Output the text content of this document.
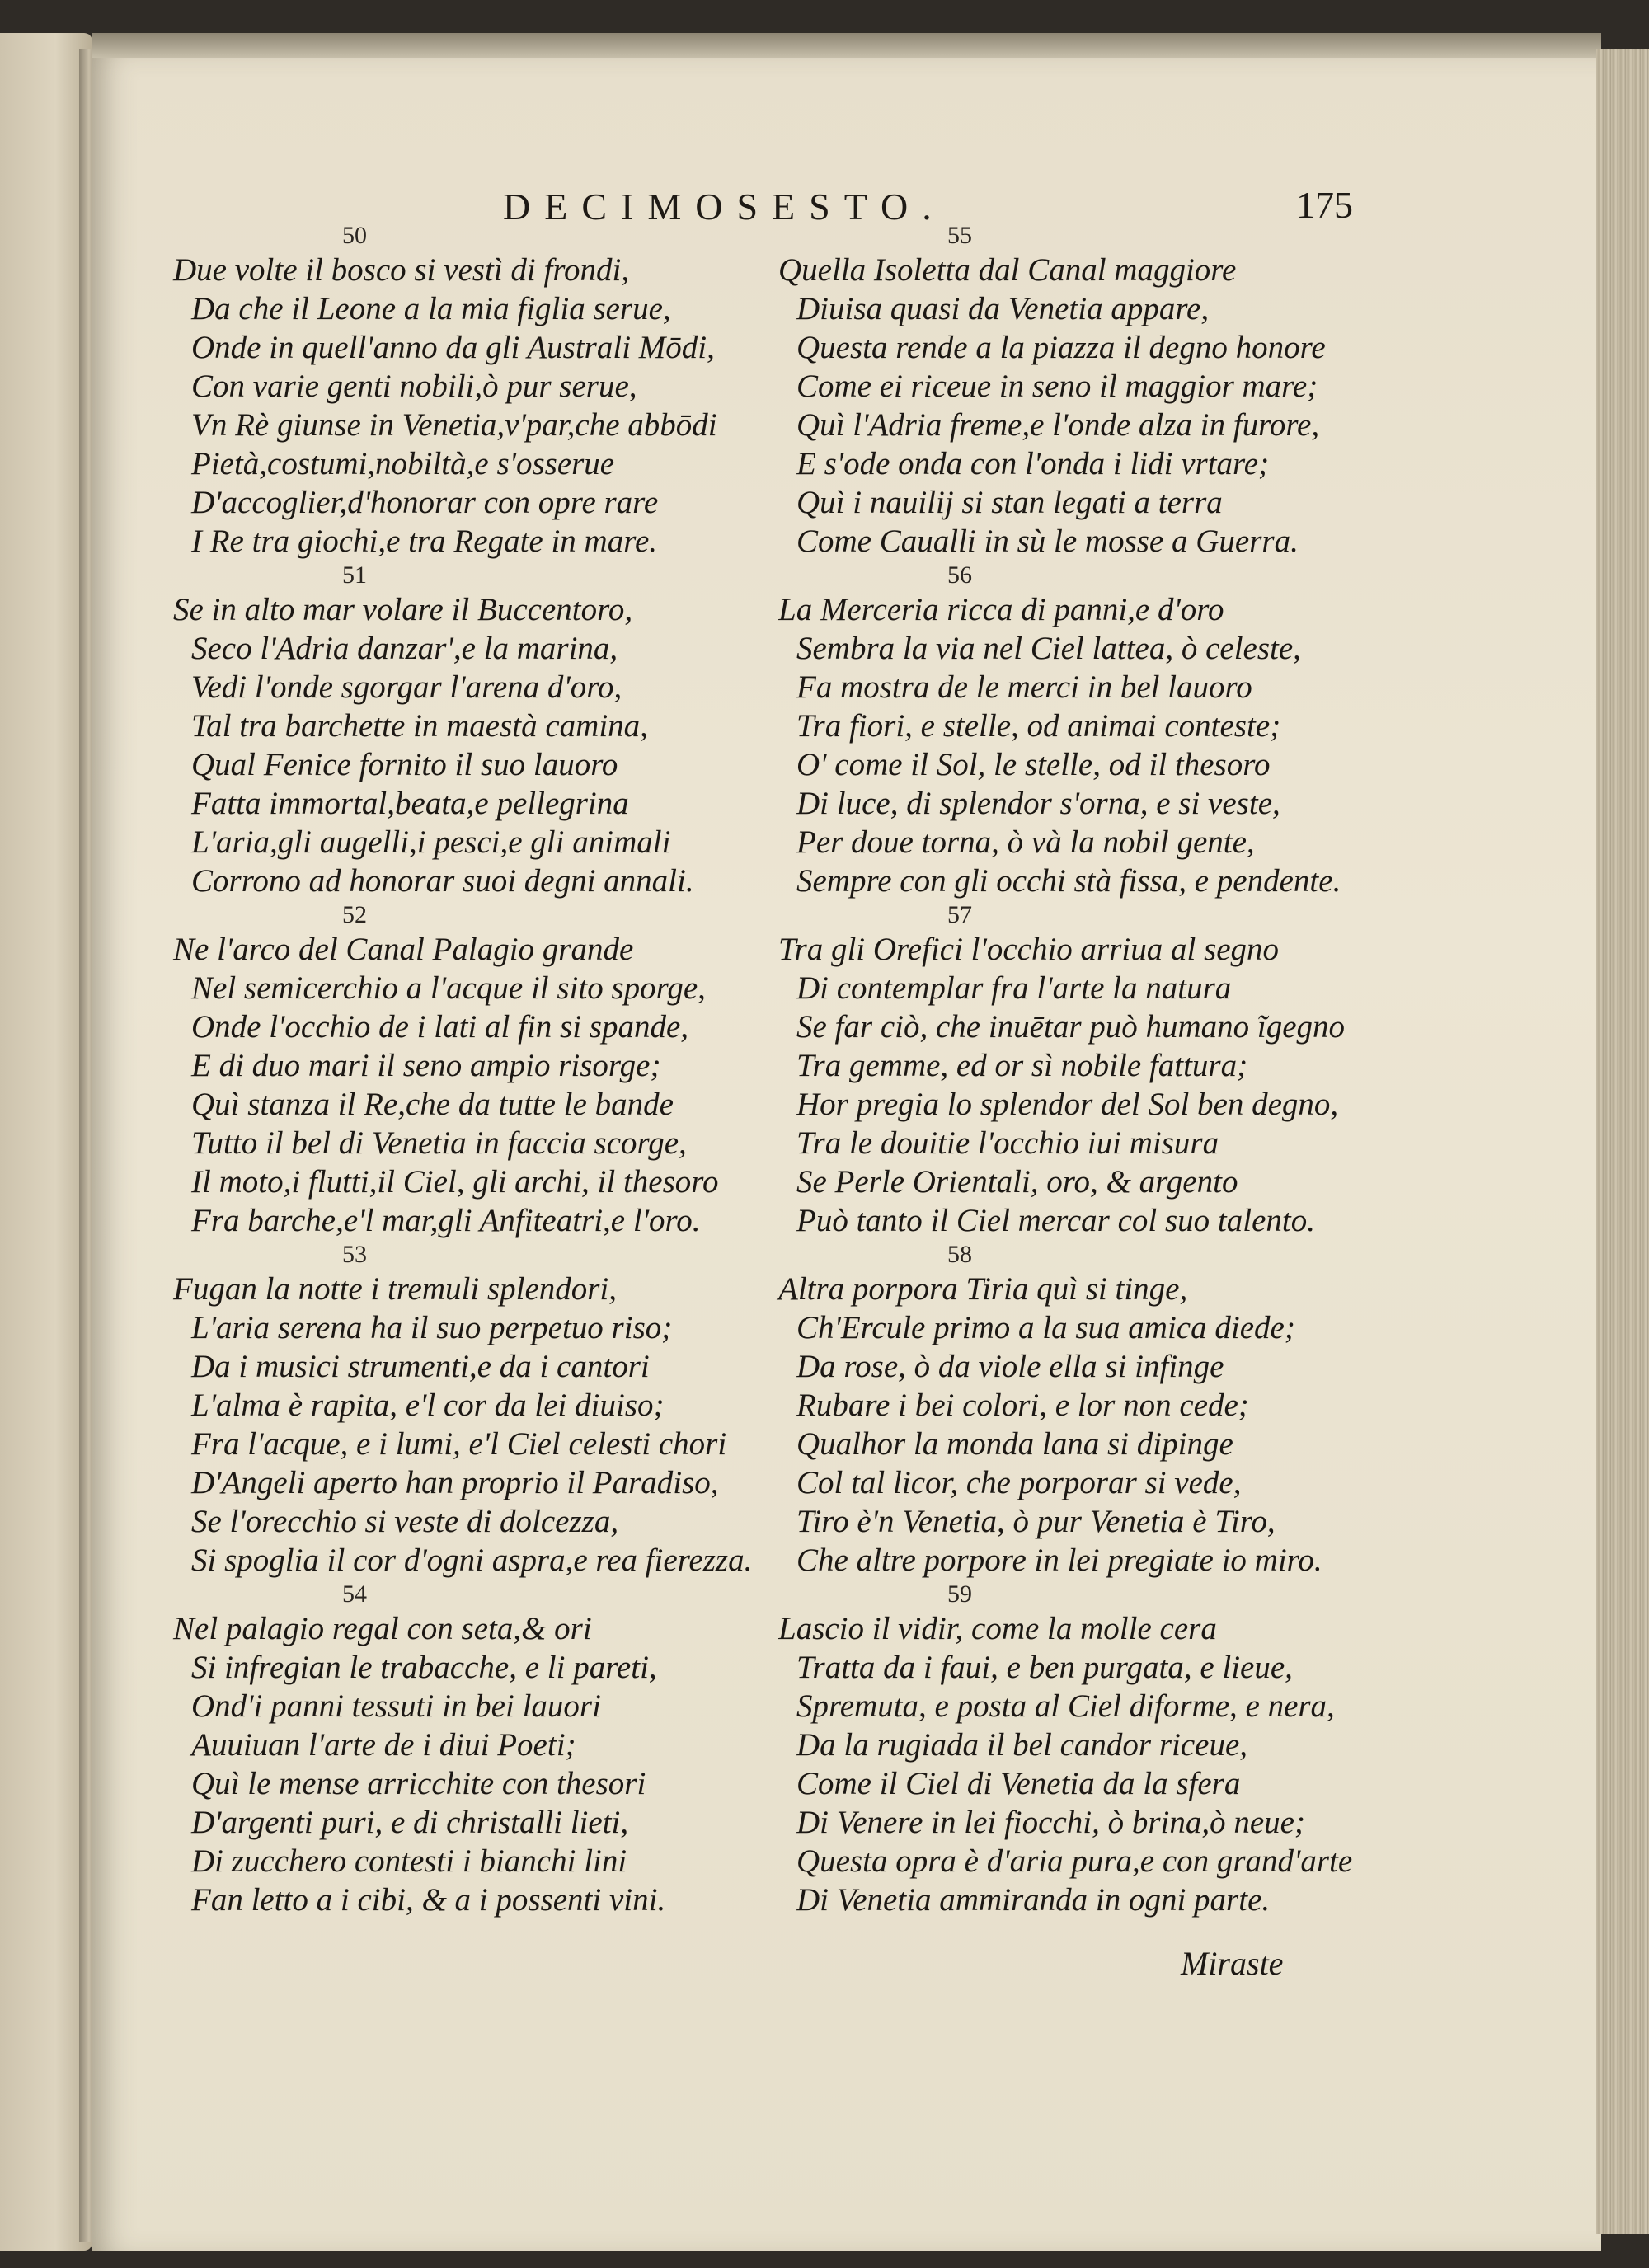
DECIMOSESTO.	175
50
Due volte il bosco si vestì di frondi,
Da che il Leone a la mia figlia serue,
Onde in quell'anno da gli Australi Mōdi,
Con varie genti nobili,ò pur serue,
Vn Rè giunse in Venetia,v'par,che abbōdi
Pietà,costumi,nobiltà,e s'osserue
D'accoglier,d'honorar con opre rare
I Re tra giochi,e tra Regate in mare.
51
Se in alto mar volare il Buccentoro,
Seco l'Adria danzar',e la marina,
Vedi l'onde sgorgar l'arena d'oro,
Tal tra barchette in maestà camina,
Qual Fenice fornito il suo lauoro
Fatta immortal,beata,e pellegrina
L'aria,gli augelli,i pesci,e gli animali
Corrono ad honorar suoi degni annali.
52
Ne l'arco del Canal Palagio grande
Nel semicerchio a l'acque il sito sporge,
Onde l'occhio de i lati al fin si spande,
E di duo mari il seno ampio risorge;
Quì stanza il Re,che da tutte le bande
Tutto il bel di Venetia in faccia scorge,
Il moto,i flutti,il Ciel, gli archi, il thesoro
Fra barche,e'l mar,gli Anfiteatri,e l'oro.
53
Fugan la notte i tremuli splendori,
L'aria serena ha il suo perpetuo riso;
Da i musici strumenti,e da i cantori
L'alma è rapita, e'l cor da lei diuiso;
Fra l'acque, e i lumi, e'l Ciel celesti chori
D'Angeli aperto han proprio il Paradiso,
Se l'orecchio si veste di dolcezza,
Si spoglia il cor d'ogni aspra,e rea fierezza.
54
Nel palagio regal con seta,& ori
Si infregian le trabacche, e li pareti,
Ond'i panni tessuti in bei lauori
Auuiuan l'arte de i diui Poeti;
Quì le mense arricchite con thesori
D'argenti puri, e di christalli lieti,
Di zucchero contesti i bianchi lini
Fan letto a i cibi, & a i possenti vini.
55
Quella Isoletta dal Canal maggiore
Diuisa quasi da Venetia appare,
Questa rende a la piazza il degno honore
Come ei riceue in seno il maggior mare;
Quì l'Adria freme,e l'onde alza in furore,
E s'ode onda con l'onda i lidi vrtare;
Quì i nauilij si stan legati a terra
Come Caualli in sù le mosse a Guerra.
56
La Merceria ricca di panni,e d'oro
Sembra la via nel Ciel lattea, ò celeste,
Fa mostra de le merci in bel lauoro
Tra fiori, e stelle, od animai conteste;
O' come il Sol, le stelle, od il thesoro
Di luce, di splendor s'orna, e si veste,
Per doue torna, ò và la nobil gente,
Sempre con gli occhi stà fissa, e pendente.
57
Tra gli Orefici l'occhio arriua al segno
Di contemplar fra l'arte la natura
Se far ciò, che inuētar può humano ĩgegno
Tra gemme, ed or sì nobile fattura;
Hor pregia lo splendor del Sol ben degno,
Tra le douitie l'occhio iui misura
Se Perle Orientali, oro, & argento
Può tanto il Ciel mercar col suo talento.
58
Altra porpora Tiria quì si tinge,
Ch'Ercule primo a la sua amica diede;
Da rose, ò da viole ella si infinge
Rubare i bei colori, e lor non cede;
Qualhor la monda lana si dipinge
Col tal licor, che porporar si vede,
Tiro è'n Venetia, ò pur Venetia è Tiro,
Che altre porpore in lei pregiate io miro.
59
Lascio il vidir, come la molle cera
Tratta da i faui, e ben purgata, e lieue,
Spremuta, e posta al Ciel diforme, e nera,
Da la rugiada il bel candor riceue,
Come il Ciel di Venetia da la sfera
Di Venere in lei fiocchi, ò brina,ò neue;
Questa opra è d'aria pura,e con grand'arte
Di Venetia ammiranda in ogni parte.
Miraste
